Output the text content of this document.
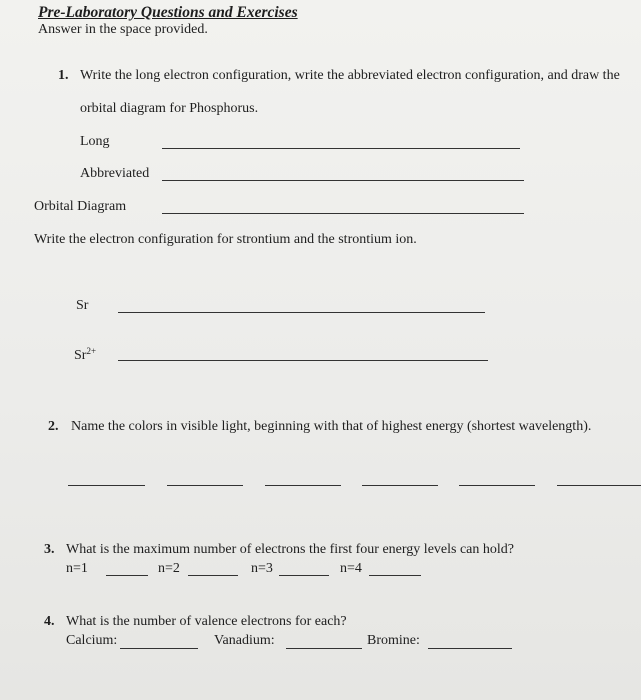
Pre-Laboratory Questions and Exercises
Answer in the space provided.
1. Write the long electron configuration, write the abbreviated electron configuration, and draw the
orbital diagram for Phosphorus.
Long
Abbreviated
Orbital Diagram
Write the electron configuration for strontium and the strontium ion.
Sr
$Sr^{2+}$
2. Name the colors in visible light, beginning with that of highest energy (shortest wavelength).
3. What is the maximum number of electrons the first four energy levels can hold?
n=1	n=2	n=3	n=4
4. What is the number of valence electrons for each?
Calcium:	Vanadium:	Bromine:
